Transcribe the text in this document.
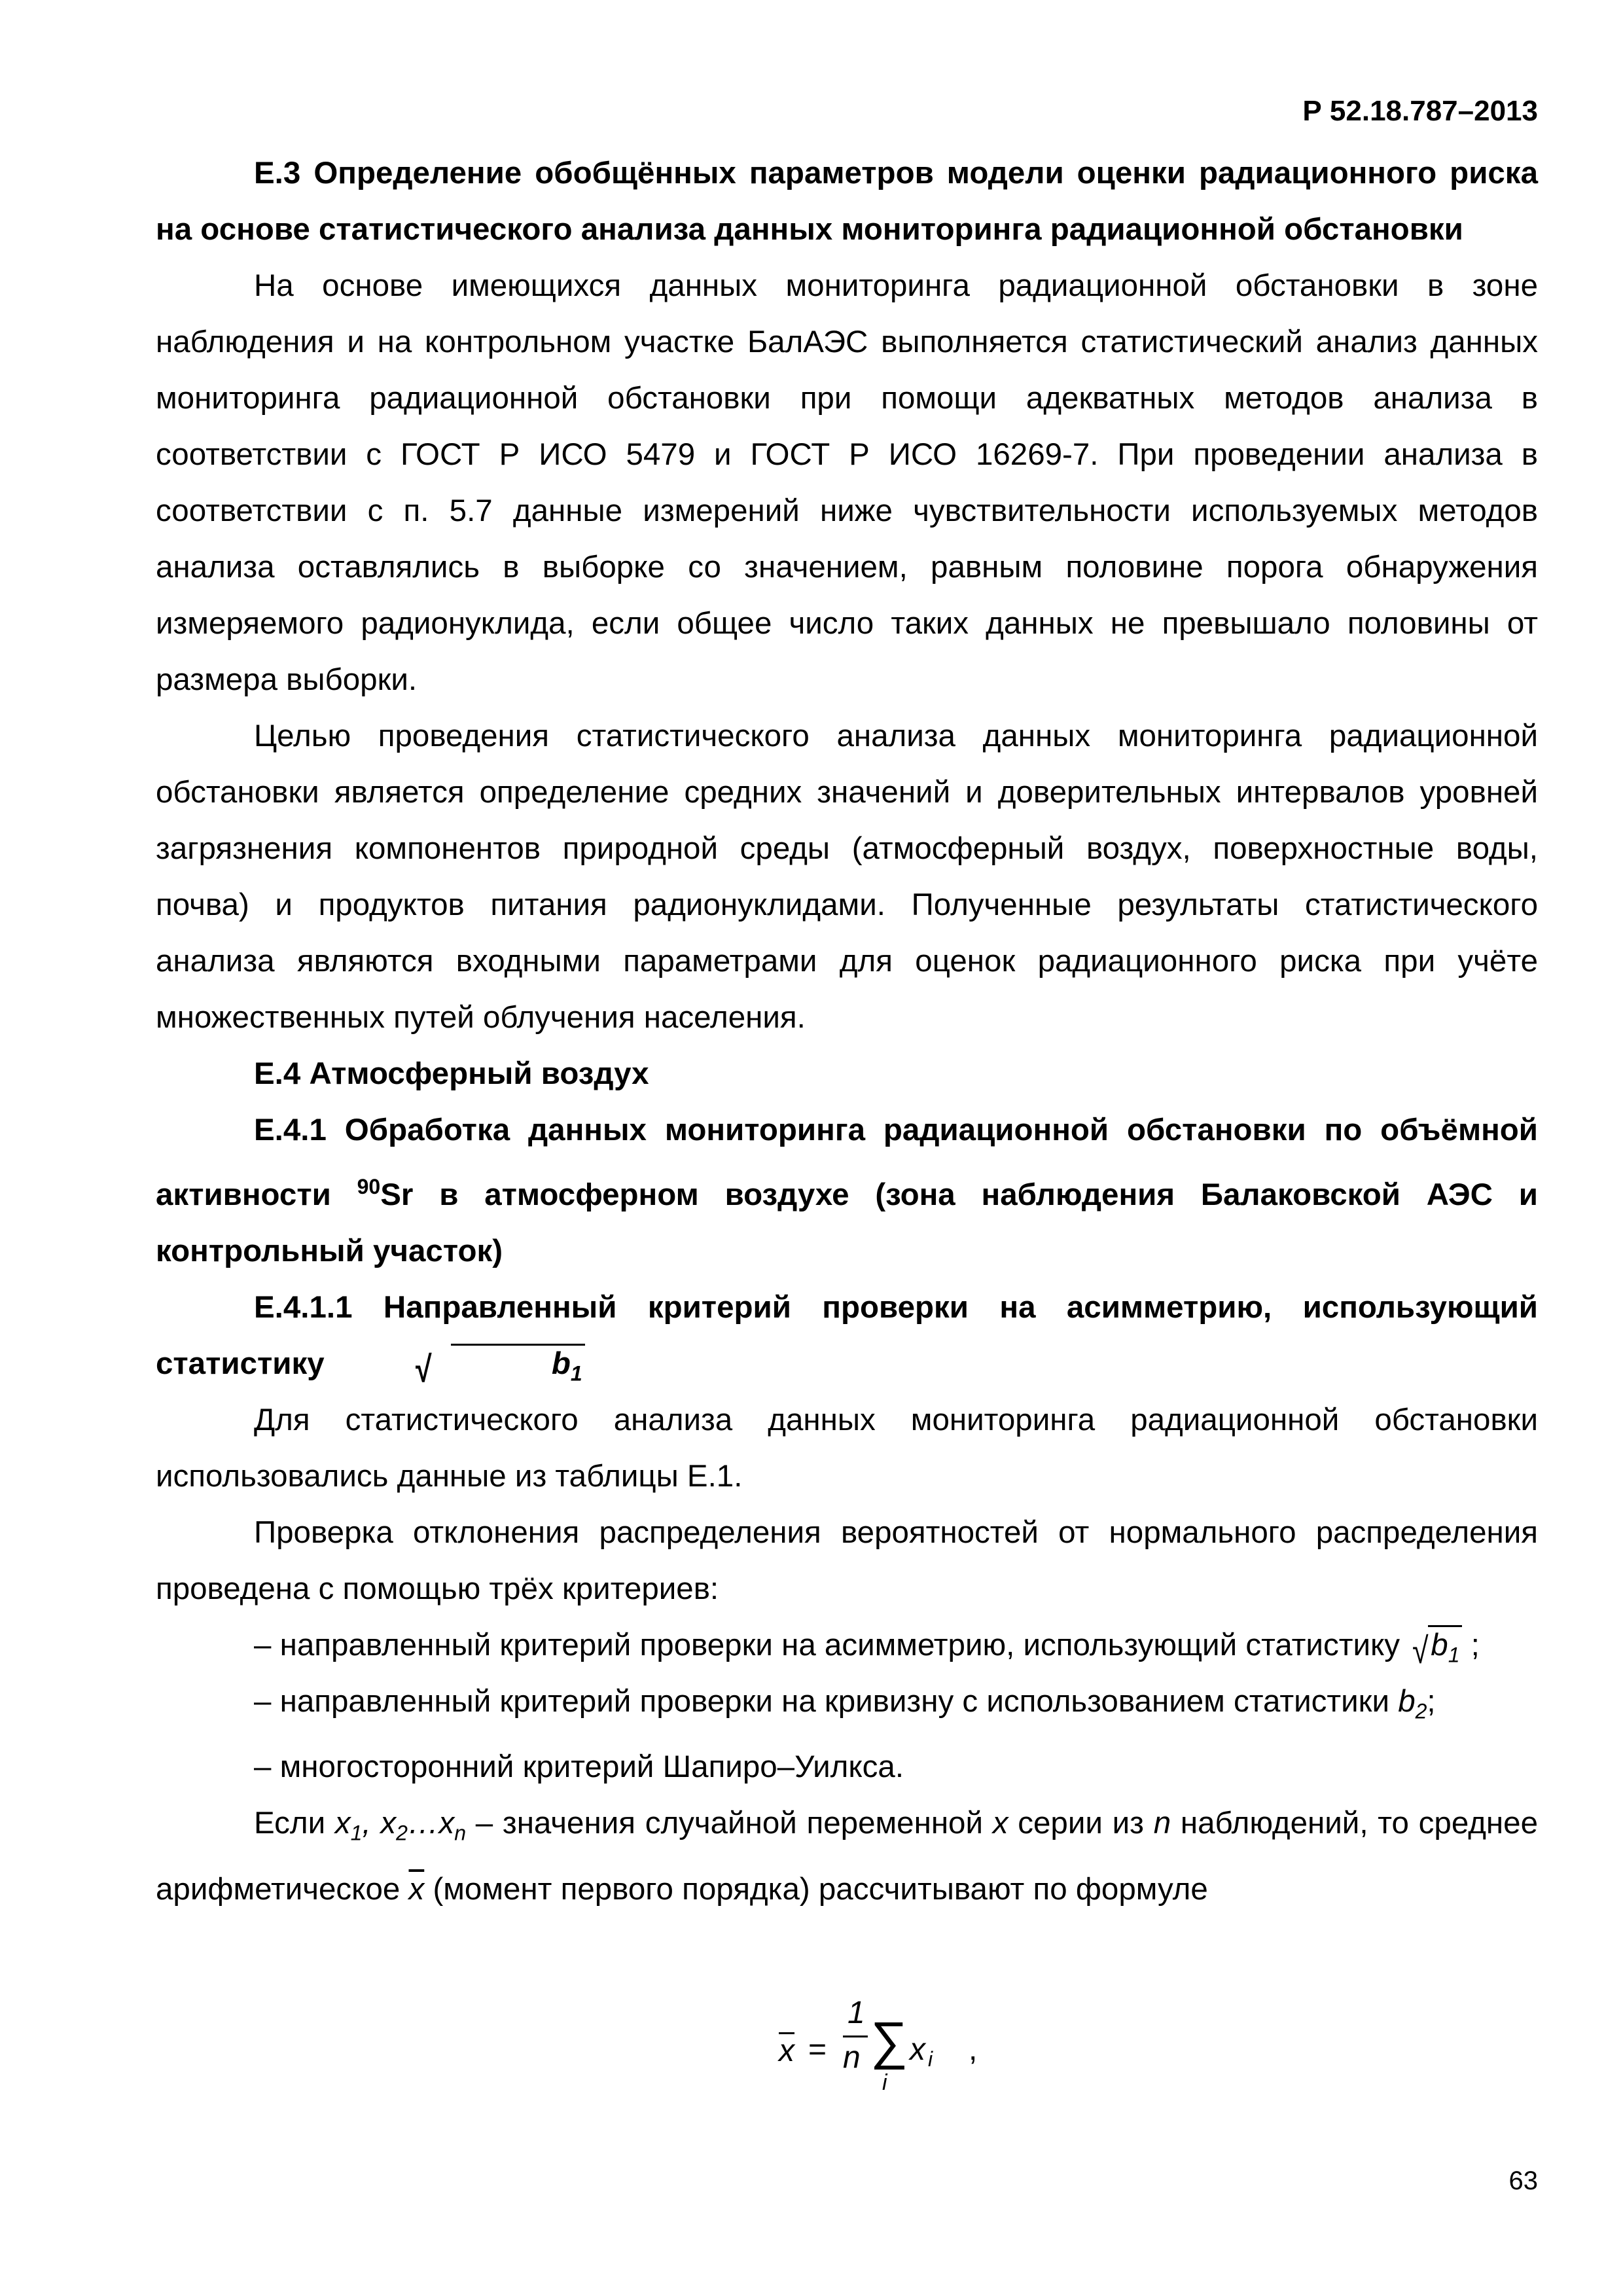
Р 52.18.787–2013

Е.3 Определение обобщённых параметров модели оценки радиационного риска на основе статистического анализа данных мониторинга радиационной обстановки

На основе имеющихся данных мониторинга радиационной обстановки в зоне наблюдения и на контрольном участке БалАЭС выполняется статистический анализ данных мониторинга радиационной обстановки при помощи адекватных методов анализа в соответствии с ГОСТ Р ИСО 5479 и ГОСТ Р ИСО 16269-7. При проведении анализа в соответствии с п. 5.7 данные измерений ниже чувствительности используемых методов анализа оставлялись в выборке со значением, равным половине порога обнаружения измеряемого радионуклида, если общее число таких данных не превышало половины от размера выборки.

Целью проведения статистического анализа данных мониторинга радиационной обстановки является определение средних значений и доверительных интервалов уровней загрязнения компонентов природной среды (атмосферный воздух, поверхностные воды, почва) и продуктов питания радионуклидами. Полученные результаты статистического анализа являются входными параметрами для оценок радиационного риска при учёте множественных путей облучения населения.

Е.4 Атмосферный воздух

Е.4.1 Обработка данных мониторинга радиационной обстановки по объёмной активности $^{90}$Sr в атмосферном воздухе (зона наблюдения Балаковской АЭС и контрольный участок)

Е.4.1.1 Направленный критерий проверки на асимметрию, использующий статистику	√	$b_1$

Для статистического анализа данных мониторинга радиационной обстановки использовались данные из таблицы Е.1.

Проверка отклонения распределения вероятностей от нормального распределения проведена с помощью трёх критериев:

– направленный критерий проверки на асимметрию, использующий статистику √ $b_1$ ;

– направленный критерий проверки на кривизну с использованием статистики $b_2$;

– многосторонний критерий Шапиро–Уилкса.

Если $x_1$, $x_2\dots x_n$ – значения случайной переменной x серии из n наблюдений, то среднее арифметическое $\overline{x}$ (момент первого порядка) рассчитывают по формуле

x =
1
n ∑
i
x i ,
63
